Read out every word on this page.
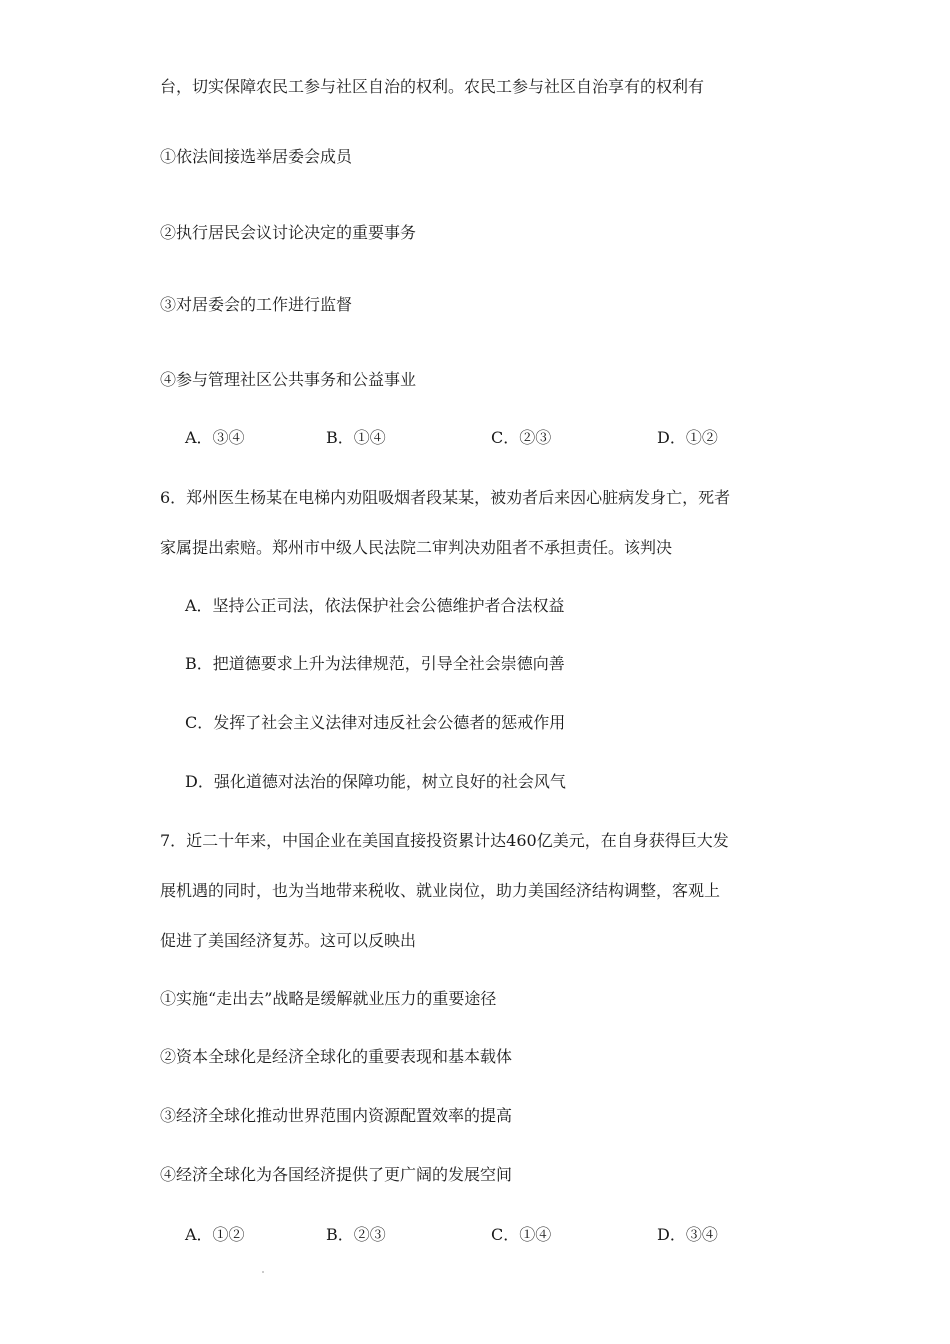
台，切实保障农民工参与社区自治的权利。农民工参与社区自治享有的权利有
①依法间接选举居委会成员
②执行居民会议讨论决定的重要事务
③对居委会的工作进行监督
④参与管理社区公共事务和公益事业
A．③④	B．①④	C．②③	D．①②
6．郑州医生杨某在电梯内劝阻吸烟者段某某，被劝者后来因心脏病发身亡，死者
家属提出索赔。郑州市中级人民法院二审判决劝阻者不承担责任。该判决
A．坚持公正司法，依法保护社会公德维护者合法权益
B．把道德要求上升为法律规范，引导全社会崇德向善
C．发挥了社会主义法律对违反社会公德者的惩戒作用
D．强化道德对法治的保障功能，树立良好的社会风气
7．近二十年来，中国企业在美国直接投资累计达460亿美元，在自身获得巨大发
展机遇的同时，也为当地带来税收、就业岗位，助力美国经济结构调整，客观上
促进了美国经济复苏。这可以反映出
①实施“走出去”战略是缓解就业压力的重要途径
②资本全球化是经济全球化的重要表现和基本载体
③经济全球化推动世界范围内资源配置效率的提高
④经济全球化为各国经济提供了更广阔的发展空间
A．①②	B．②③	C．①④	D．③④
